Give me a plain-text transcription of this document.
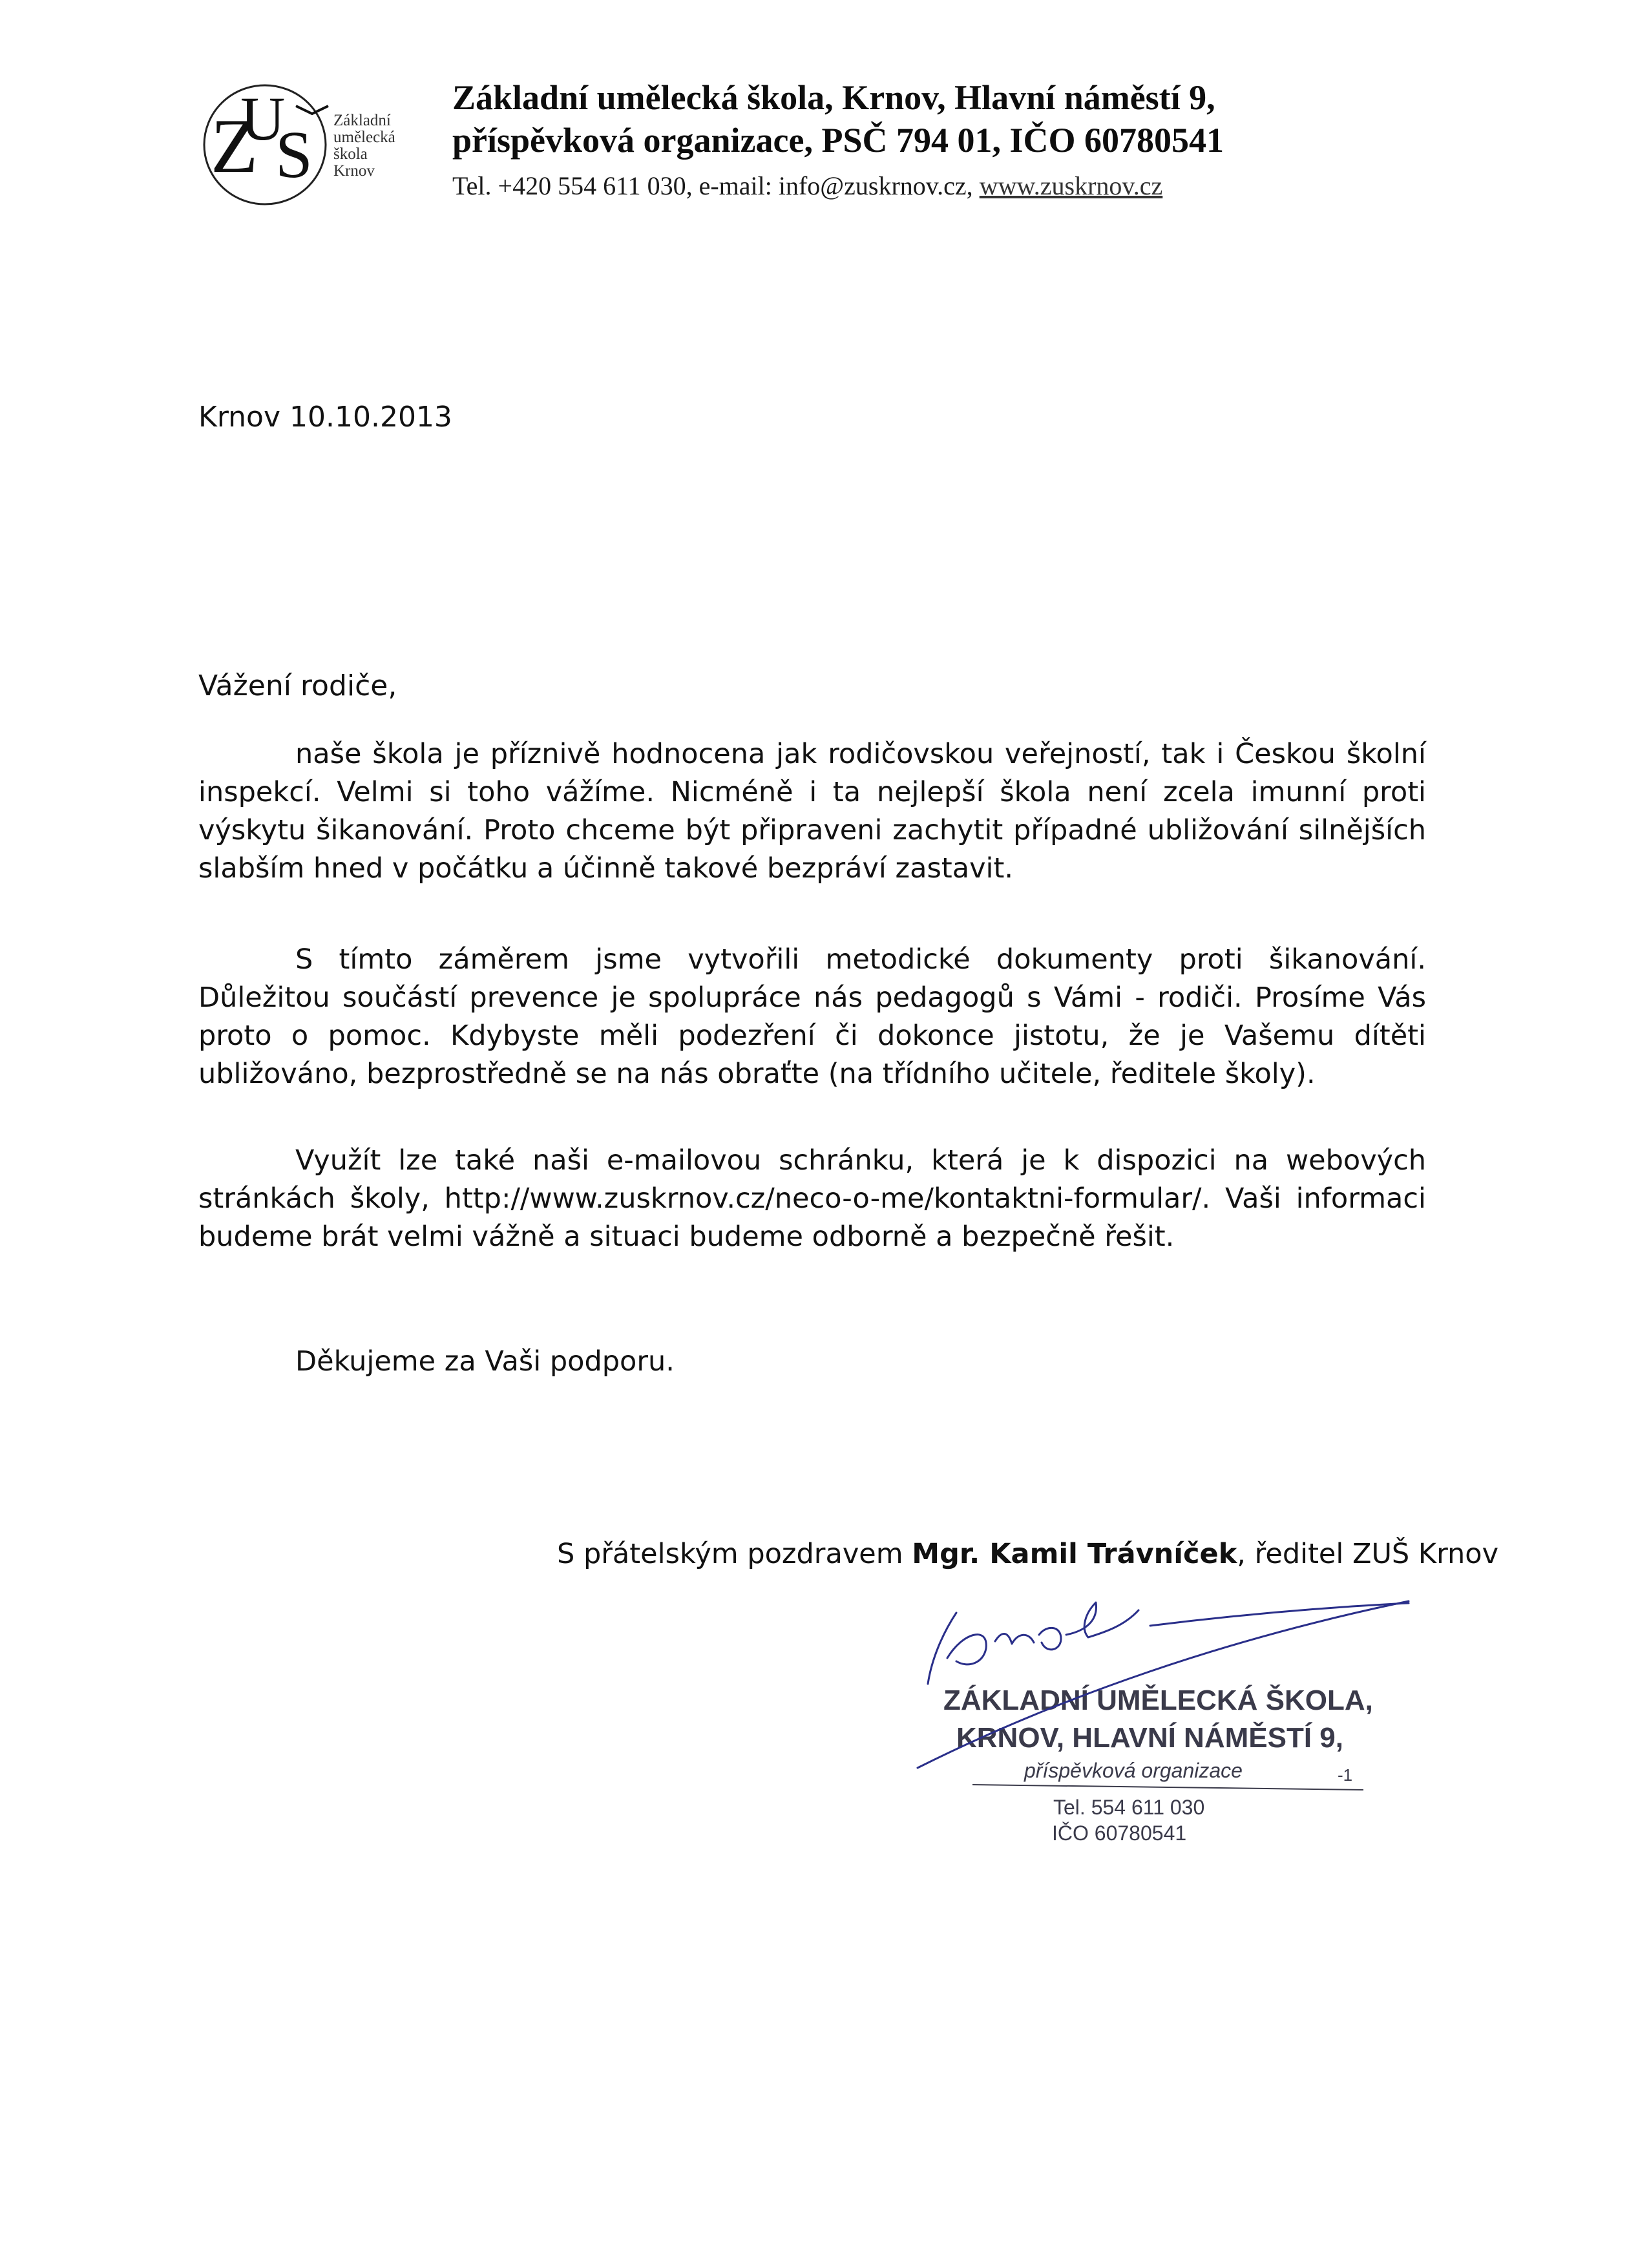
Z
U
S Základní
umělecká
škola
Krnov
Základní umělecká škola, Krnov, Hlavní náměstí 9,
příspěvková organizace, PSČ 794 01, IČO 60780541
Tel. +420 554 611 030, e-mail: info@zuskrnov.cz, www.zuskrnov.cz
Krnov 10.10.2013
Vážení rodiče,
naše škola je příznivě hodnocena jak rodičovskou veřejností, tak i Českou školní inspekcí. Velmi si toho vážíme. Nicméně i ta nejlepší škola není zcela imunní proti výskytu šikanování. Proto chceme být připraveni zachytit případné ubližování silnějších slabším hned v počátku a účinně takové bezpráví zastavit.
S tímto záměrem jsme vytvořili metodické dokumenty proti šikanování. Důležitou součástí prevence je spolupráce nás pedagogů s Vámi - rodiči. Prosíme Vás proto o pomoc. Kdybyste měli podezření či dokonce jistotu, že je Vašemu dítěti ubližováno, bezprostředně se na nás obraťte (na třídního učitele, ředitele školy).
Využít lze také naši e-mailovou schránku, která je k dispozici na webových stránkách školy, http://www.zuskrnov.cz/neco-o-me/kontaktni-formular/. Vaši informaci budeme brát velmi vážně a situaci budeme odborně a bezpečně řešit.
Děkujeme za Vaši podporu.
S přátelským pozdravem Mgr. Kamil Trávníček, ředitel ZUŠ Krnov
ZÁKLADNÍ UMĚLECKÁ ŠKOLA,
KRNOV, HLAVNÍ NÁMĚSTÍ 9,
příspěvková organizace	-1
Tel. 554 611 030
IČO 60780541
